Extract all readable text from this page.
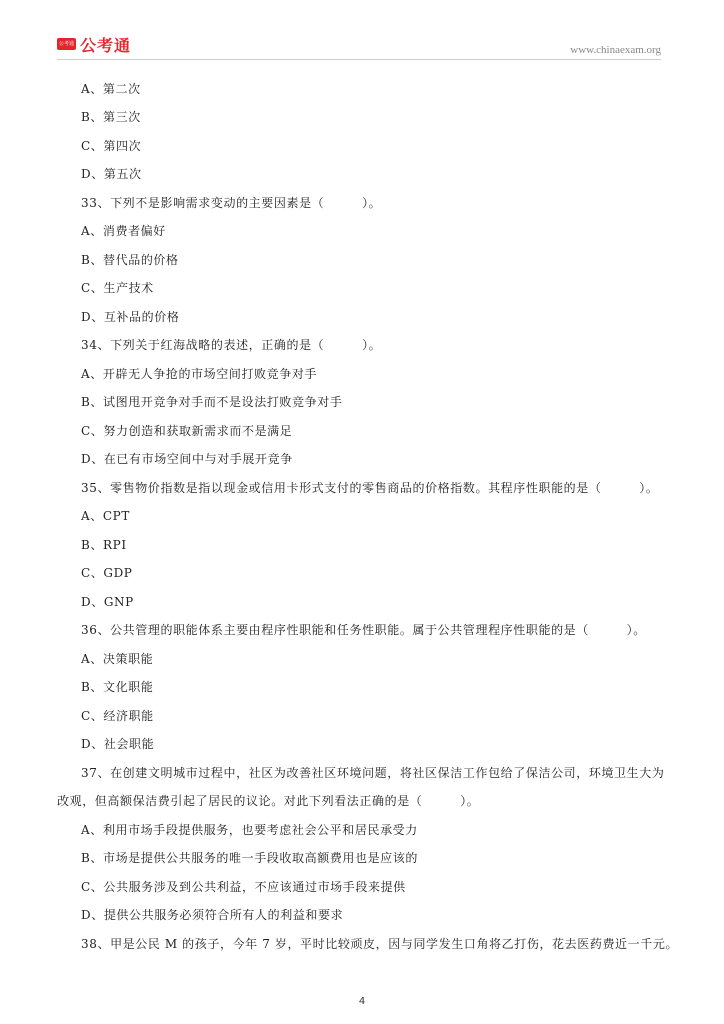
公考通 公考通	www.chinaexam.org
A、第二次
B、第三次
C、第四次
D、第五次
33、下列不是影响需求变动的主要因素是（　　　）。
A、消费者偏好
B、替代品的价格
C、生产技术
D、互补品的价格
34、下列关于红海战略的表述，正确的是（　　　）。
A、开辟无人争抢的市场空间打败竞争对手
B、试图甩开竞争对手而不是设法打败竞争对手
C、努力创造和获取新需求而不是满足
D、在已有市场空间中与对手展开竞争
35、零售物价指数是指以现金或信用卡形式支付的零售商品的价格指数。其程序性职能的是（　　　）。
A、CPT
B、RPI
C、GDP
D、GNP
36、公共管理的职能体系主要由程序性职能和任务性职能。属于公共管理程序性职能的是（　　　）。
A、决策职能
B、文化职能
C、经济职能
D、社会职能
37、在创建文明城市过程中，社区为改善社区环境问题，将社区保洁工作包给了保洁公司，环境卫生大为
改观，但高额保洁费引起了居民的议论。对此下列看法正确的是（　　　）。
A、利用市场手段提供服务，也要考虑社会公平和居民承受力
B、市场是提供公共服务的唯一手段收取高额费用也是应该的
C、公共服务涉及到公共利益，不应该通过市场手段来提供
D、提供公共服务必须符合所有人的利益和要求
38、甲是公民 M 的孩子，今年 7 岁，平时比较顽皮，因与同学发生口角将乙打伤，花去医药费近一千元。
4
